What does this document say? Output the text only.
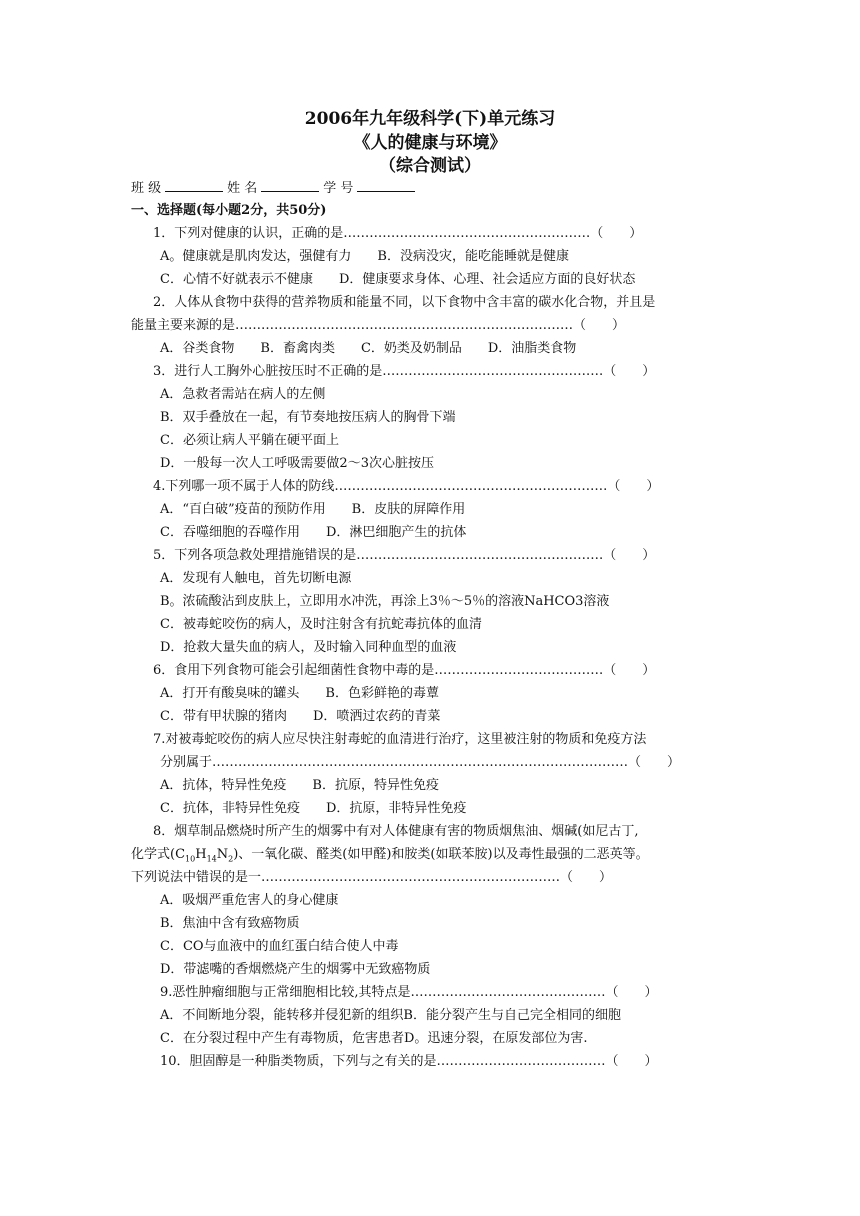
2006年九年级科学(下)单元练习
《人的健康与环境》
（综合测试）
班 级	姓 名	学 号
一、选择题(每小题2分，共50分)
1．下列对健康的认识，正确的是…………………………………………………（　　）
A。健康就是肌肉发达，强健有力　　B．没病没灾，能吃能睡就是健康
C．心情不好就表示不健康　　D．健康要求身体、心理、社会适应方面的良好状态
2．人体从食物中获得的营养物质和能量不同，以下食物中含丰富的碳水化合物，并且是
能量主要来源的是……………………………………………………………………（　　）
A．谷类食物　　B．畜禽肉类　　C．奶类及奶制品　　D．油脂类食物
3．进行人工胸外心脏按压时不正确的是……………………………………………（　　）
A．急救者需站在病人的左侧
B．双手叠放在一起，有节奏地按压病人的胸骨下端
C．必须让病人平躺在硬平面上
D．一般每一次人工呼吸需要做2～3次心脏按压
4.下列哪一项不属于人体的防线………………………………………………………（　　）
A．“百白破”疫苗的预防作用　　B．皮肤的屏障作用
C．吞噬细胞的吞噬作用　　D．淋巴细胞产生的抗体
5．下列各项急救处理措施错误的是…………………………………………………（　　）
A．发现有人触电，首先切断电源
B。浓硫酸沾到皮肤上，立即用水冲洗，再涂上3％～5％的溶液NaHCO3溶液
C．被毒蛇咬伤的病人，及时注射含有抗蛇毒抗体的血清
D．抢救大量失血的病人，及时输入同种血型的血液
6．食用下列食物可能会引起细菌性食物中毒的是…………………………………（　　）
A．打开有酸臭味的罐头　　B．色彩鲜艳的毒蕈
C．带有甲状腺的猪肉　　D．喷洒过农药的青菜
7.对被毒蛇咬伤的病人应尽快注射毒蛇的血清进行治疗，这里被注射的物质和免疫方法
分别属于……………………………………………………………………………………（　　）
A．抗体，特异性免疫　　B．抗原，特异性免疫
C．抗体，非特异性免疫　　D．抗原，非特异性免疫
8．烟草制品燃烧时所产生的烟雾中有对人体健康有害的物质烟焦油、烟碱(如尼古丁,
化学式$(C_{10}H_{14}N_2)$、一氧化碳、醛类(如甲醛)和胺类(如联苯胺)以及毒性最强的二恶英等。
下列说法中错误的是一……………………………………………………………（　　）
A．吸烟严重危害人的身心健康
B．焦油中含有致癌物质
C．CO与血液中的血红蛋白结合使人中毒
D．带滤嘴的香烟燃烧产生的烟雾中无致癌物质
9.恶性肿瘤细胞与正常细胞相比较,其特点是………………………………………（　　）
A．不间断地分裂，能转移并侵犯新的组织B．能分裂产生与自己完全相同的细胞
C．在分裂过程中产生有毒物质，危害患者D。迅速分裂，在原发部位为害.
10．胆固醇是一种脂类物质，下列与之有关的是…………………………………（　　）
